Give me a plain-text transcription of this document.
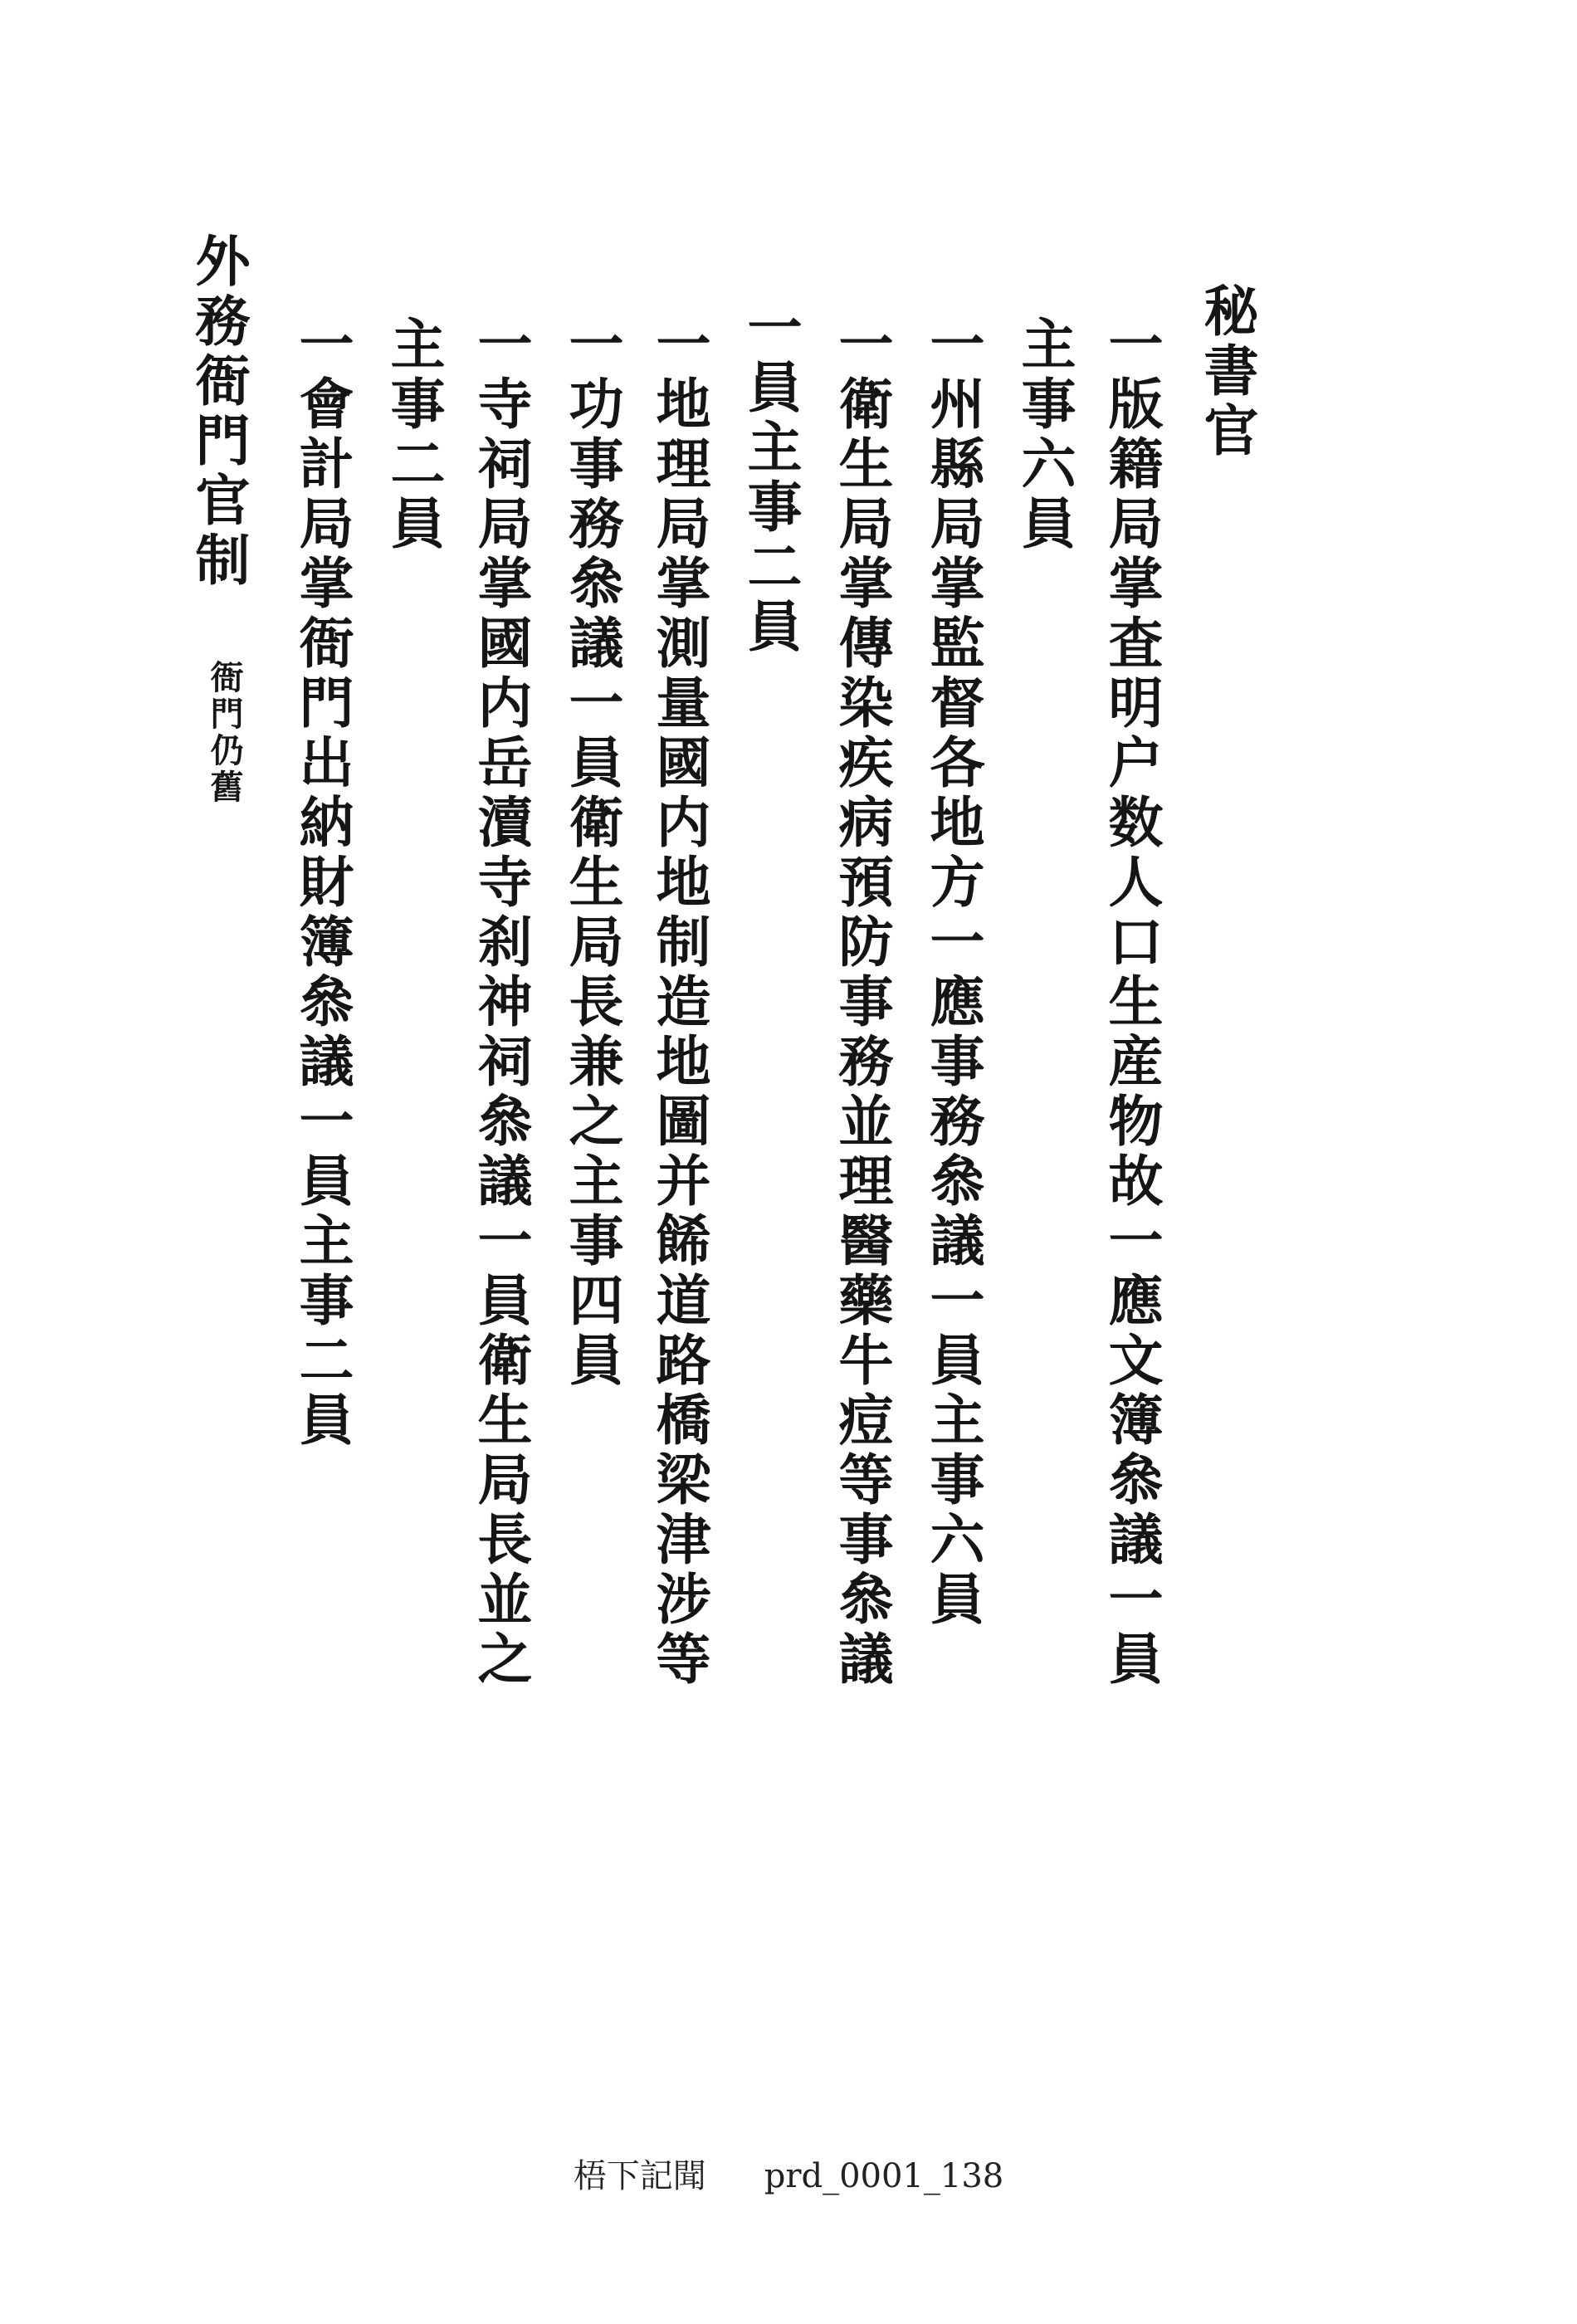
秘書官
一版籍局掌査明户数人口生産物故一應文簿叅議一員
主事六員
一州縣局掌監督各地方一應事務叅議一員主事六員
一衛生局掌傳染疾病預防事務並理醫藥牛痘等事叅議
一員主事二員
一地理局掌測量國内地制造地圖并餙道路橋梁津涉等
一功事務叅議一員衛生局長兼之主事四員
一寺祠局掌國内岳瀆寺刹神祠叅議一員衛生局長並之
主事二員
一會計局掌衙門出納財簿叅議一員主事二員
外務衙門官制
衙門仍舊
梧下記聞 prd_0001_138
